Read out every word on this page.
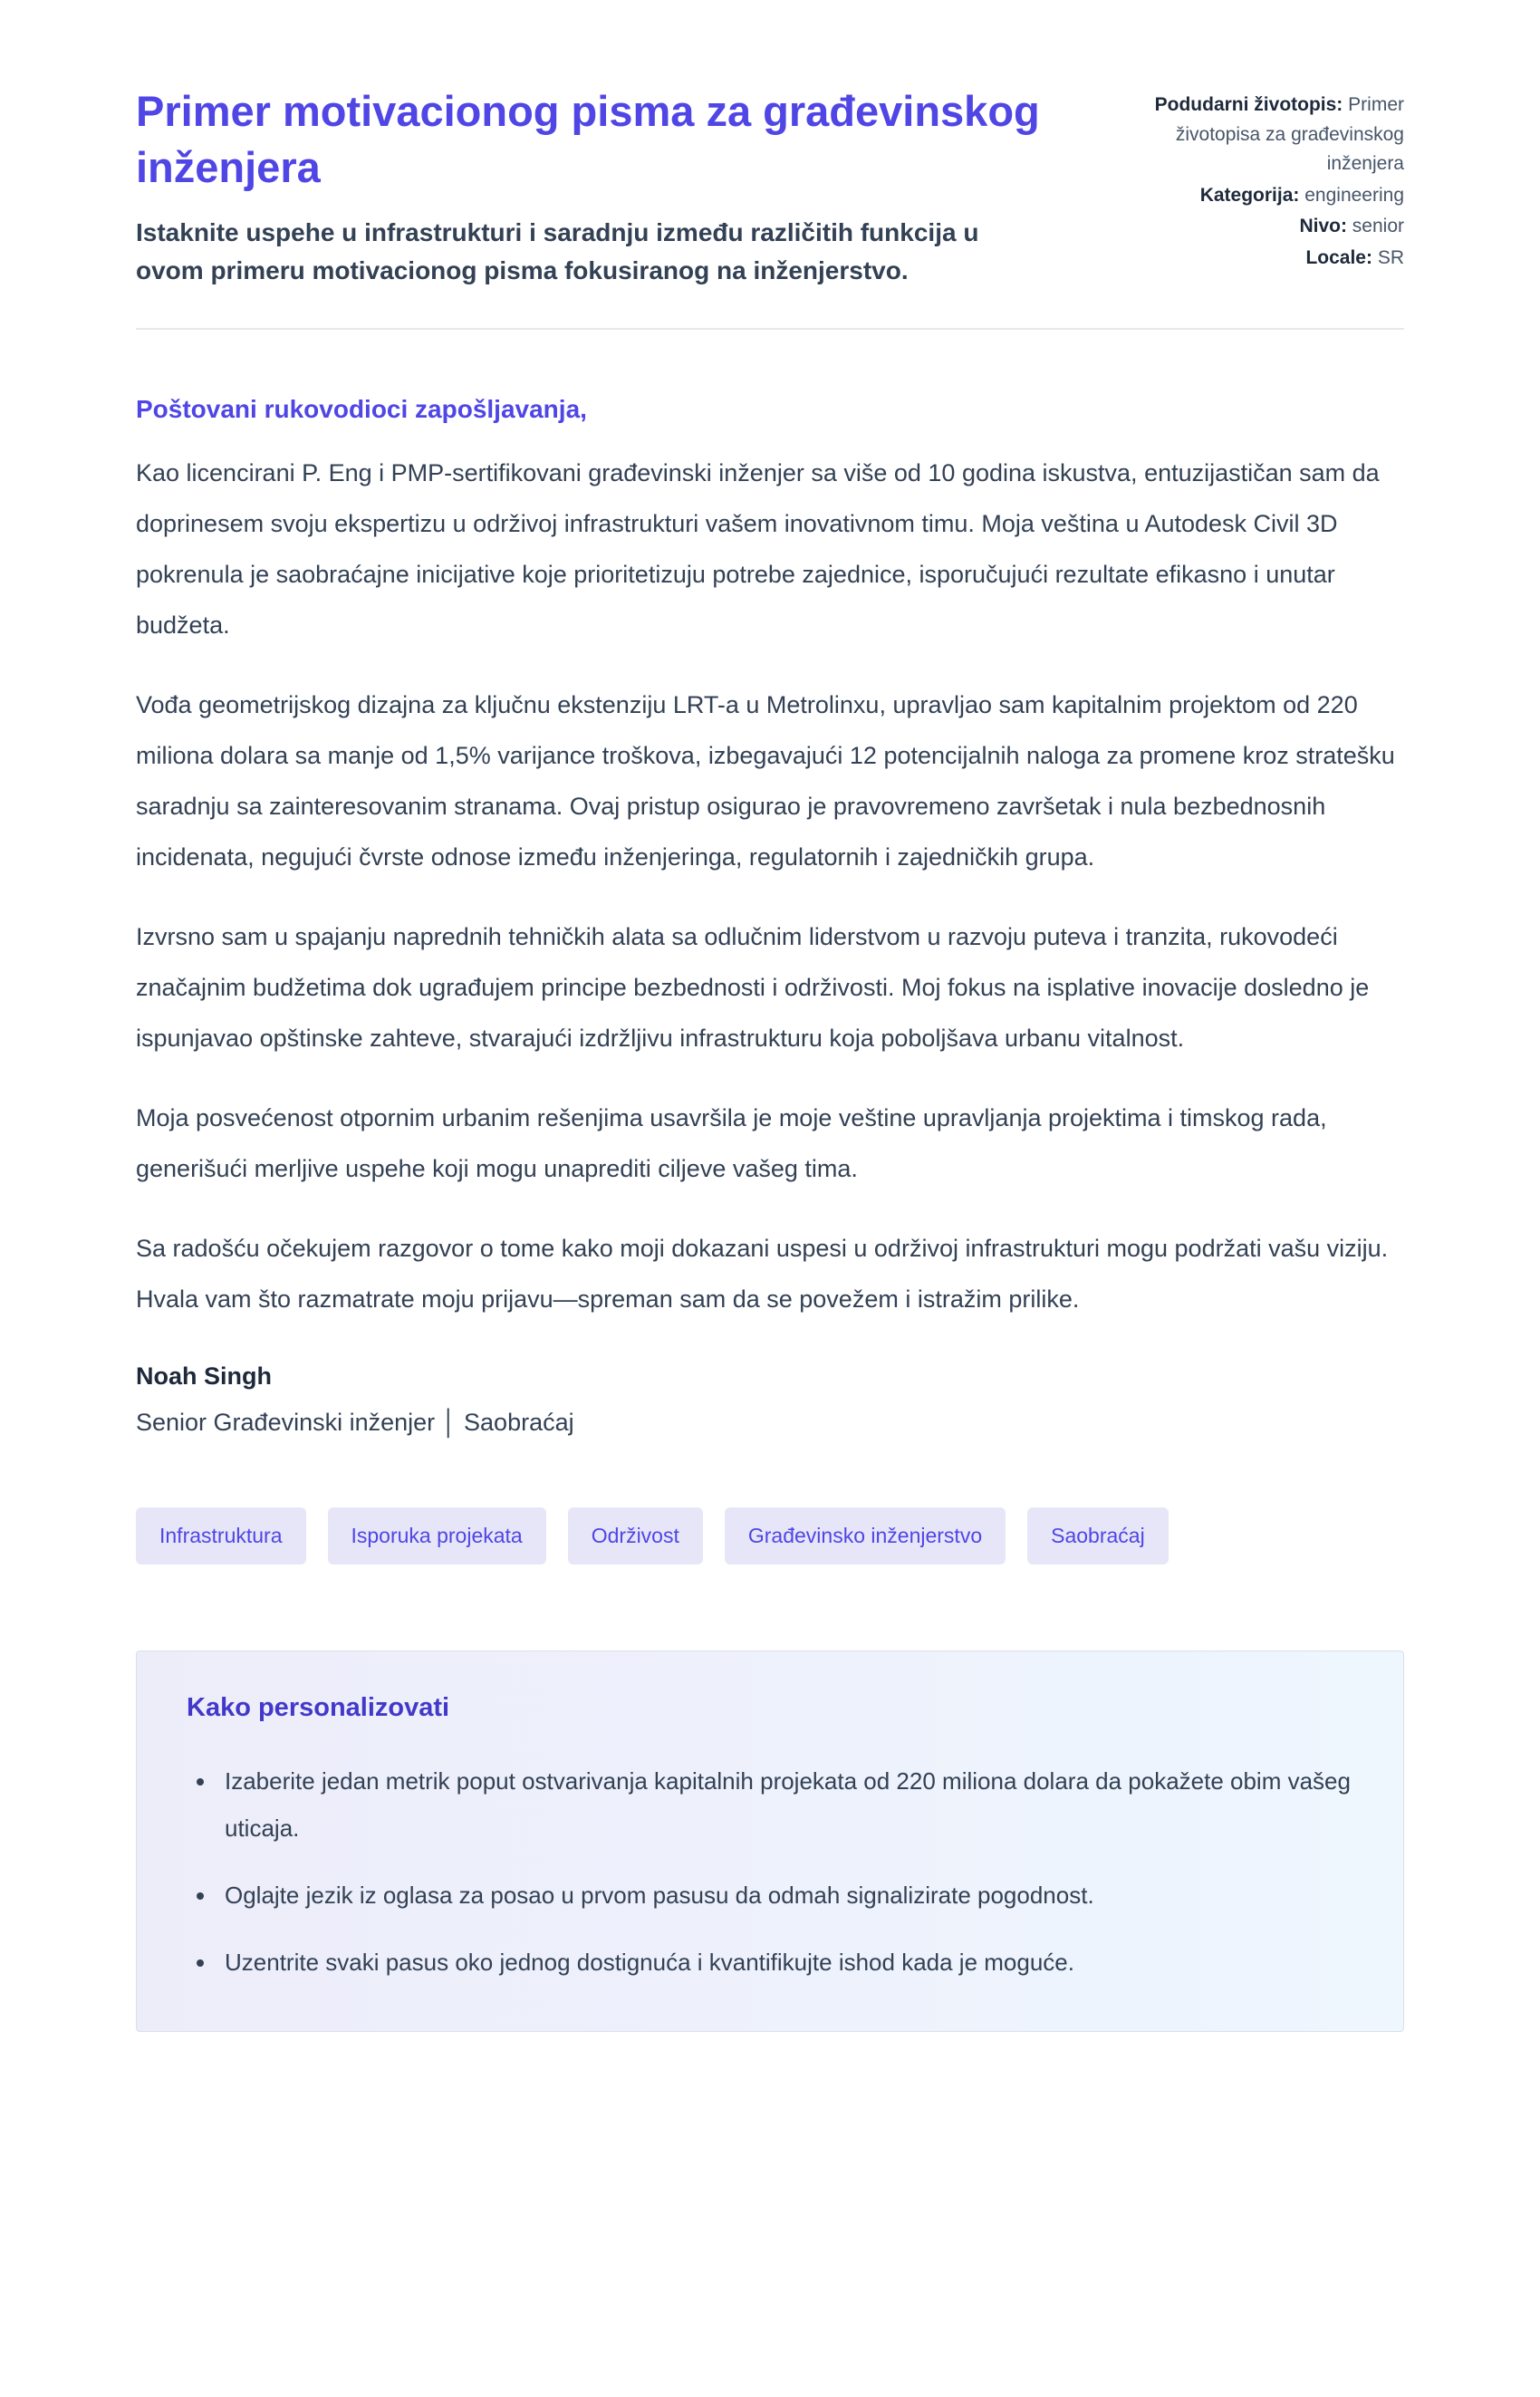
Primer motivacionog pisma za građevinskog inženjera

Istaknite uspehe u infrastrukturi i saradnju između različitih funkcija u ovom primeru motivacionog pisma fokusiranog na inženjerstvo.

Podudarni životopis: Primer životopisa za građevinskog inženjera
Kategorija: engineering
Nivo: senior
Locale: SR

Poštovani rukovodioci zapošljavanja,

Kao licencirani P. Eng i PMP-sertifikovani građevinski inženjer sa više od 10 godina iskustva, entuzijastičan sam da doprinesem svoju ekspertizu u održivoj infrastrukturi vašem inovativnom timu. Moja veština u Autodesk Civil 3D pokrenula je saobraćajne inicijative koje prioritetizuju potrebe zajednice, isporučujući rezultate efikasno i unutar budžeta.

Vođa geometrijskog dizajna za ključnu ekstenziju LRT-a u Metrolinxu, upravljao sam kapitalnim projektom od 220 miliona dolara sa manje od 1,5% varijance troškova, izbegavajući 12 potencijalnih naloga za promene kroz stratešku saradnju sa zainteresovanim stranama. Ovaj pristup osigurao je pravovremeno završetak i nula bezbednosnih incidenata, negujući čvrste odnose između inženjeringa, regulatornih i zajedničkih grupa.

Izvrsno sam u spajanju naprednih tehničkih alata sa odlučnim liderstvom u razvoju puteva i tranzita, rukovodeći značajnim budžetima dok ugrađujem principe bezbednosti i održivosti. Moj fokus na isplative inovacije dosledno je ispunjavao opštinske zahteve, stvarajući izdržljivu infrastrukturu koja poboljšava urbanu vitalnost.

Moja posvećenost otpornim urbanim rešenjima usavršila je moje veštine upravljanja projektima i timskog rada, generišući merljive uspehe koji mogu unaprediti ciljeve vašeg tima.

Sa radošću očekujem razgovor o tome kako moji dokazani uspesi u održivoj infrastrukturi mogu podržati vašu viziju. Hvala vam što razmatrate moju prijavu—spreman sam da se povežem i istražim prilike.

Noah Singh

Senior Građevinski inženjer │ Saobraćaj

Infrastruktura	Isporuka projekata	Održivost	Građevinsko inženjerstvo	Saobraćaj
Kako personalizovati
• Izaberite jedan metrik poput ostvarivanja kapitalnih projekata od 220 miliona dolara da pokažete obim vašeg uticaja.
• Oglajte jezik iz oglasa za posao u prvom pasusu da odmah signalizirate pogodnost.
• Uzentrite svaki pasus oko jednog dostignuća i kvantifikujte ishod kada je moguće.
